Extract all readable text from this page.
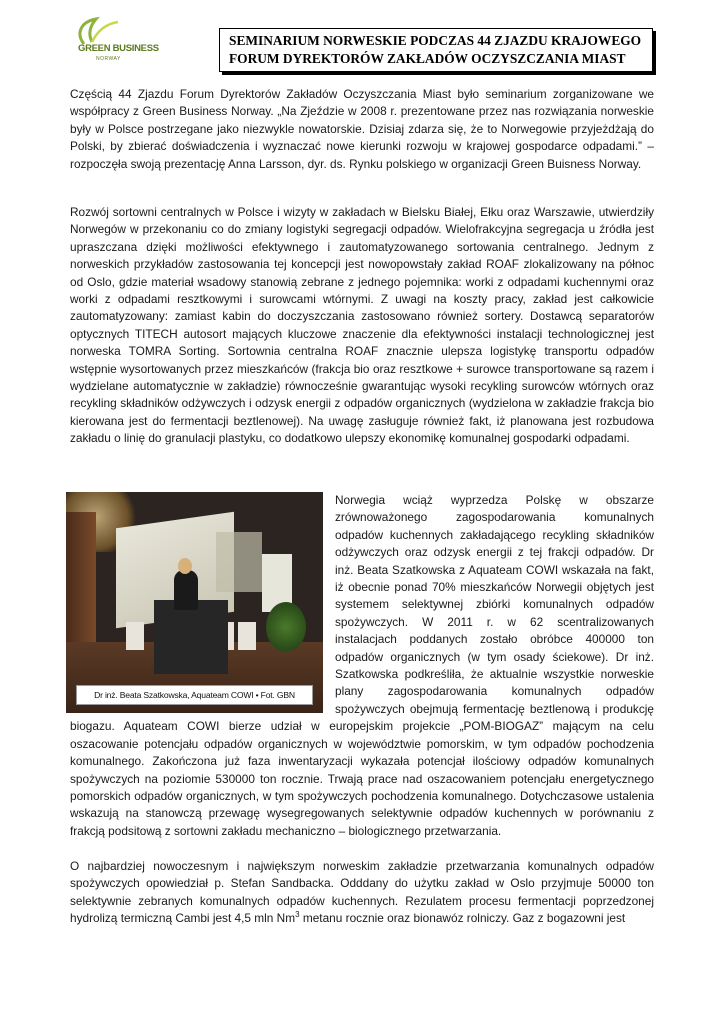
GREEN BUSINESS
NORWAY
SEMINARIUM NORWESKIE PODCZAS 44 ZJAZDU KRAJOWEGO
FORUM DYREKTORÓW ZAKŁADÓW OCZYSZCZANIA MIAST

Częścią 44 Zjazdu Forum Dyrektorów Zakładów Oczyszczania Miast było seminarium zorganizowane we współpracy z Green Business Norway. „Na Zjeździe w 2008 r. prezentowane przez nas rozwiązania norweskie były w Polsce postrzegane jako niezwykle nowatorskie. Dzisiaj zdarza się, że to Norwegowie przyjeżdżają do Polski, by zbierać doświadczenia i wyznaczać nowe kierunki rozwoju w krajowej gospodarce odpadami.” – rozpoczęła swoją prezentację Anna Larsson, dyr. ds. Rynku polskiego w organizacji Green Buisness Norway.

Rozwój sortowni centralnych w Polsce i wizyty w zakładach w Bielsku Białej, Ełku oraz Warszawie, utwierdziły Norwegów w przekonaniu co do zmiany logistyki segregacji odpadów. Wielofrakcyjna segregacja u źródła jest upraszczana dzięki możliwości efektywnego i zautomatyzowanego sortowania centralnego. Jednym z norweskich przykładów zastosowania tej koncepcji jest nowopowstały zakład ROAF zlokalizowany na północ od Oslo, gdzie materiał wsadowy stanowią zebrane z jednego pojemnika: worki z odpadami kuchennymi oraz worki z odpadami resztkowymi i surowcami wtórnymi. Z uwagi na koszty pracy, zakład jest całkowicie zautomatyzowany: zamiast kabin do doczyszczania zastosowano również sortery. Dostawcą separatorów optycznych TITECH autosort mających kluczowe znaczenie dla efektywności instalacji technologicznej jest norweska TOMRA Sorting. Sortownia centralna ROAF znacznie ulepsza logistykę transportu odpadów wstępnie wysortowanych przez mieszkańców (frakcja bio oraz resztkowe + surowce transportowane są razem i wydzielane automatycznie w zakładzie) równocześnie gwarantując wysoki recykling surowców wtórnych oraz recykling składników odżywczych i odzysk energii z odpadów organicznych (wydzielona w zakładzie frakcja bio kierowana jest do fermentacji beztlenowej). Na uwagę zasługuje również fakt, iż planowana jest rozbudowa zakładu o linię do granulacji plastyku, co dodatkowo ulepszy ekonomikę komunalnej gospodarki odpadami.

Dr inż. Beata Szatkowska, Aquateam COWI • Fot. GBN
Norwegia wciąż wyprzedza Polskę w obszarze zrównoważonego zagospodarowania komunalnych odpadów kuchennych zakładającego recykling składników odżywczych oraz odzysk energii z tej frakcji odpadów. Dr inż. Beata Szatkowska z Aquateam COWI wskazała na fakt, iż obecnie ponad 70% mieszkańców Norwegii objętych jest systemem selektywnej zbiórki komunalnych odpadów spożywczych. W 2011 r. w 62 scentralizowanych instalacjach poddanych zostało obróbce 400000 ton odpadów organicznych (w tym osady ściekowe). Dr inż. Szatkowska podkreśliła, że aktualnie wszystkie norweskie plany zagospodarowania komunalnych odpadów spożywczych obejmują fermentację beztlenową i produkcję biogazu. Aquateam COWI bierze udział w europejskim projekcie „POM-BIOGAZ” mającym na celu oszacowanie potencjału odpadów organicznych w województwie pomorskim, w tym odpadów pochodzenia komunalnego. Zakończona już faza inwentaryzacji wykazała potencjał ilościowy odpadów komunalnych spożywczych na poziomie 530000 ton rocznie. Trwają prace nad oszacowaniem potencjału energetycznego pomorskich odpadów organicznych, w tym spożywczych pochodzenia komunalnego. Dotychczasowe ustalenia wskazują na stanowczą przewagę wysegregowanych selektywnie odpadów kuchennych w porównaniu z frakcją podsitową z sortowni zakładu mechaniczno – biologicznego przetwarzania.

O najbardziej nowoczesnym i największym norweskim zakładzie przetwarzania komunalnych odpadów spożywczych opowiedział p. Stefan Sandbacka. Odddany do użytku zakład w Oslo przyjmuje 50000 ton selektywnie zebranych komunalnych odpadów kuchennych. Rezulatem procesu fermentacji poprzedzonej hydrolizą termiczną Cambi jest 4,5 mln Nm$^3$ metanu rocznie oraz bionawóz rolniczy. Gaz z bogazowni jest
